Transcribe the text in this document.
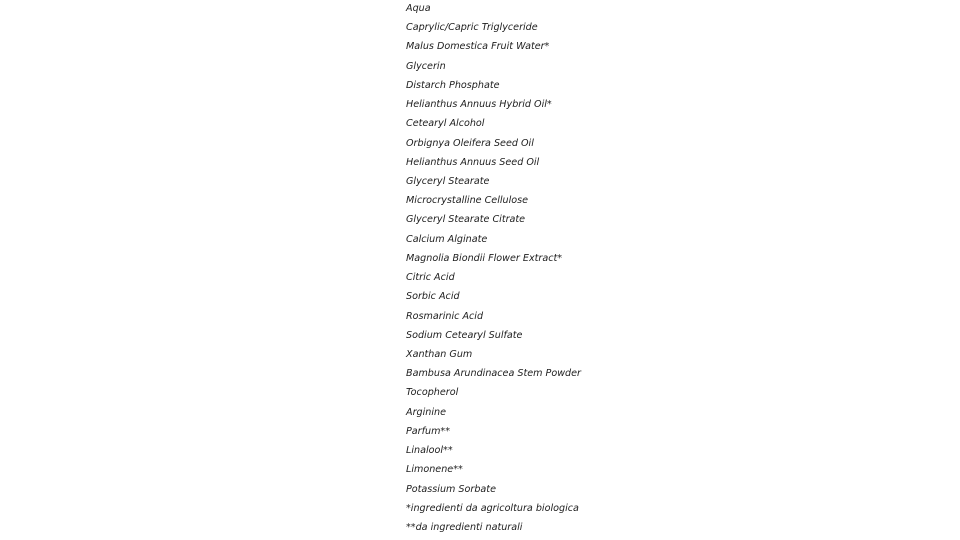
Aqua
Caprylic/Capric Triglyceride
Malus Domestica Fruit Water*
Glycerin
Distarch Phosphate
Helianthus Annuus Hybrid Oil*
Cetearyl Alcohol
Orbignya Oleifera Seed Oil
Helianthus Annuus Seed Oil
Glyceryl Stearate
Microcrystalline Cellulose
Glyceryl Stearate Citrate
Calcium Alginate
Magnolia Biondii Flower Extract*
Citric Acid
Sorbic Acid
Rosmarinic Acid
Sodium Cetearyl Sulfate
Xanthan Gum
Bambusa Arundinacea Stem Powder
Tocopherol
Arginine
Parfum**
Linalool**
Limonene**
Potassium Sorbate
*ingredienti da agricoltura biologica
**da ingredienti naturali
